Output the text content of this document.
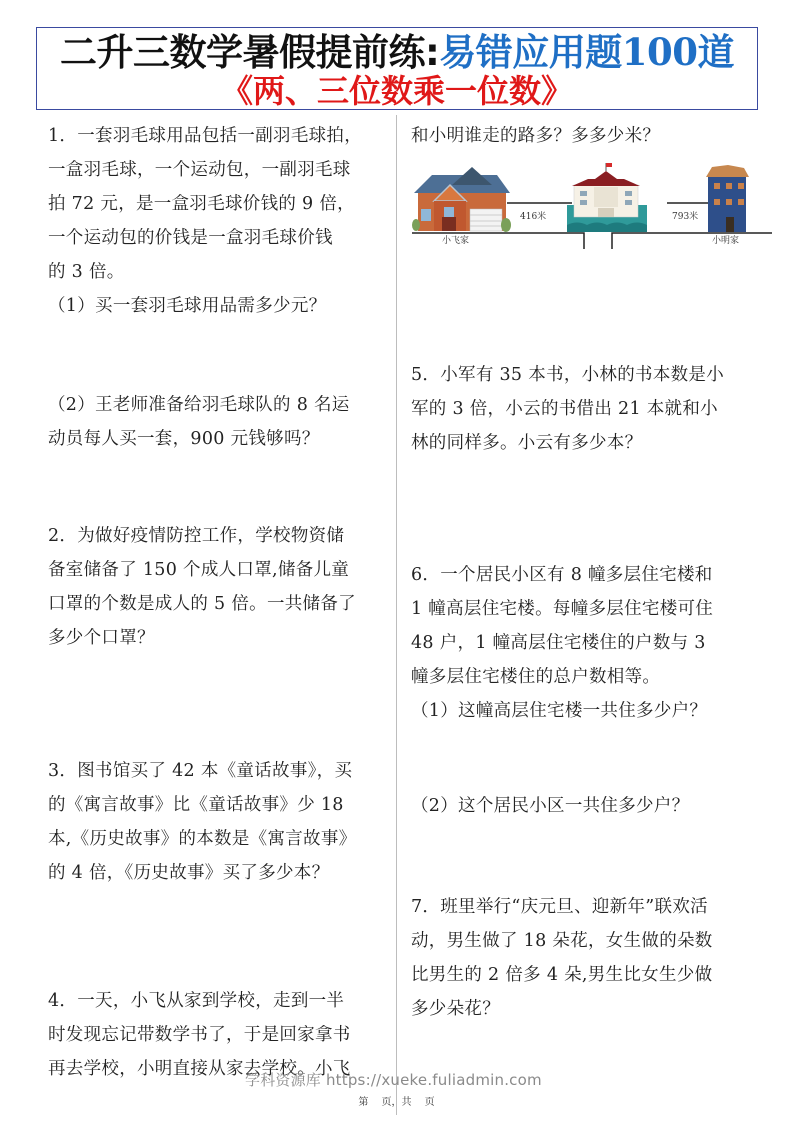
二升三数学暑假提前练:易错应用题100道
《两、三位数乘一位数》

1．一套羽毛球用品包括一副羽毛球拍，

一盒羽毛球，一个运动包，一副羽毛球

拍 72 元，是一盒羽毛球价钱的 9 倍，

一个运动包的价钱是一盒羽毛球价钱

的 3 倍。

（1）买一套羽毛球用品需多少元？

（2）王老师准备给羽毛球队的 8 名运

动员每人买一套，900 元钱够吗？

2．为做好疫情防控工作，学校物资储

备室储备了 150 个成人口罩,储备儿童

口罩的个数是成人的 5 倍。一共储备了

多少个口罩？

3．图书馆买了 42 本《童话故事》，买

的《寓言故事》比《童话故事》少 18

本,《历史故事》的本数是《寓言故事》

的 4 倍，《历史故事》买了多少本？

4．一天，小飞从家到学校，走到一半

时发现忘记带数学书了，于是回家拿书

再去学校，小明直接从家去学校。小飞

和小明谁走的路多？多多少米？

小飞家
416米	793米
小明家

5．小军有 35 本书，小林的书本数是小

军的 3 倍，小云的书借出 21 本就和小

林的同样多。小云有多少本？

6．一个居民小区有 8 幢多层住宅楼和

1 幢高层住宅楼。每幢多层住宅楼可住

48 户，1 幢高层住宅楼住的户数与 3

幢多层住宅楼住的总户数相等。

（1）这幢高层住宅楼一共住多少户？

（2）这个居民小区一共住多少户？

7．班里举行“庆元旦、迎新年”联欢活

动，男生做了 18 朵花，女生做的朵数

比男生的 2 倍多 4 朵,男生比女生少做

多少朵花？

学科资源库 https://xueke.fuliadmin.com
第 页，共 页
